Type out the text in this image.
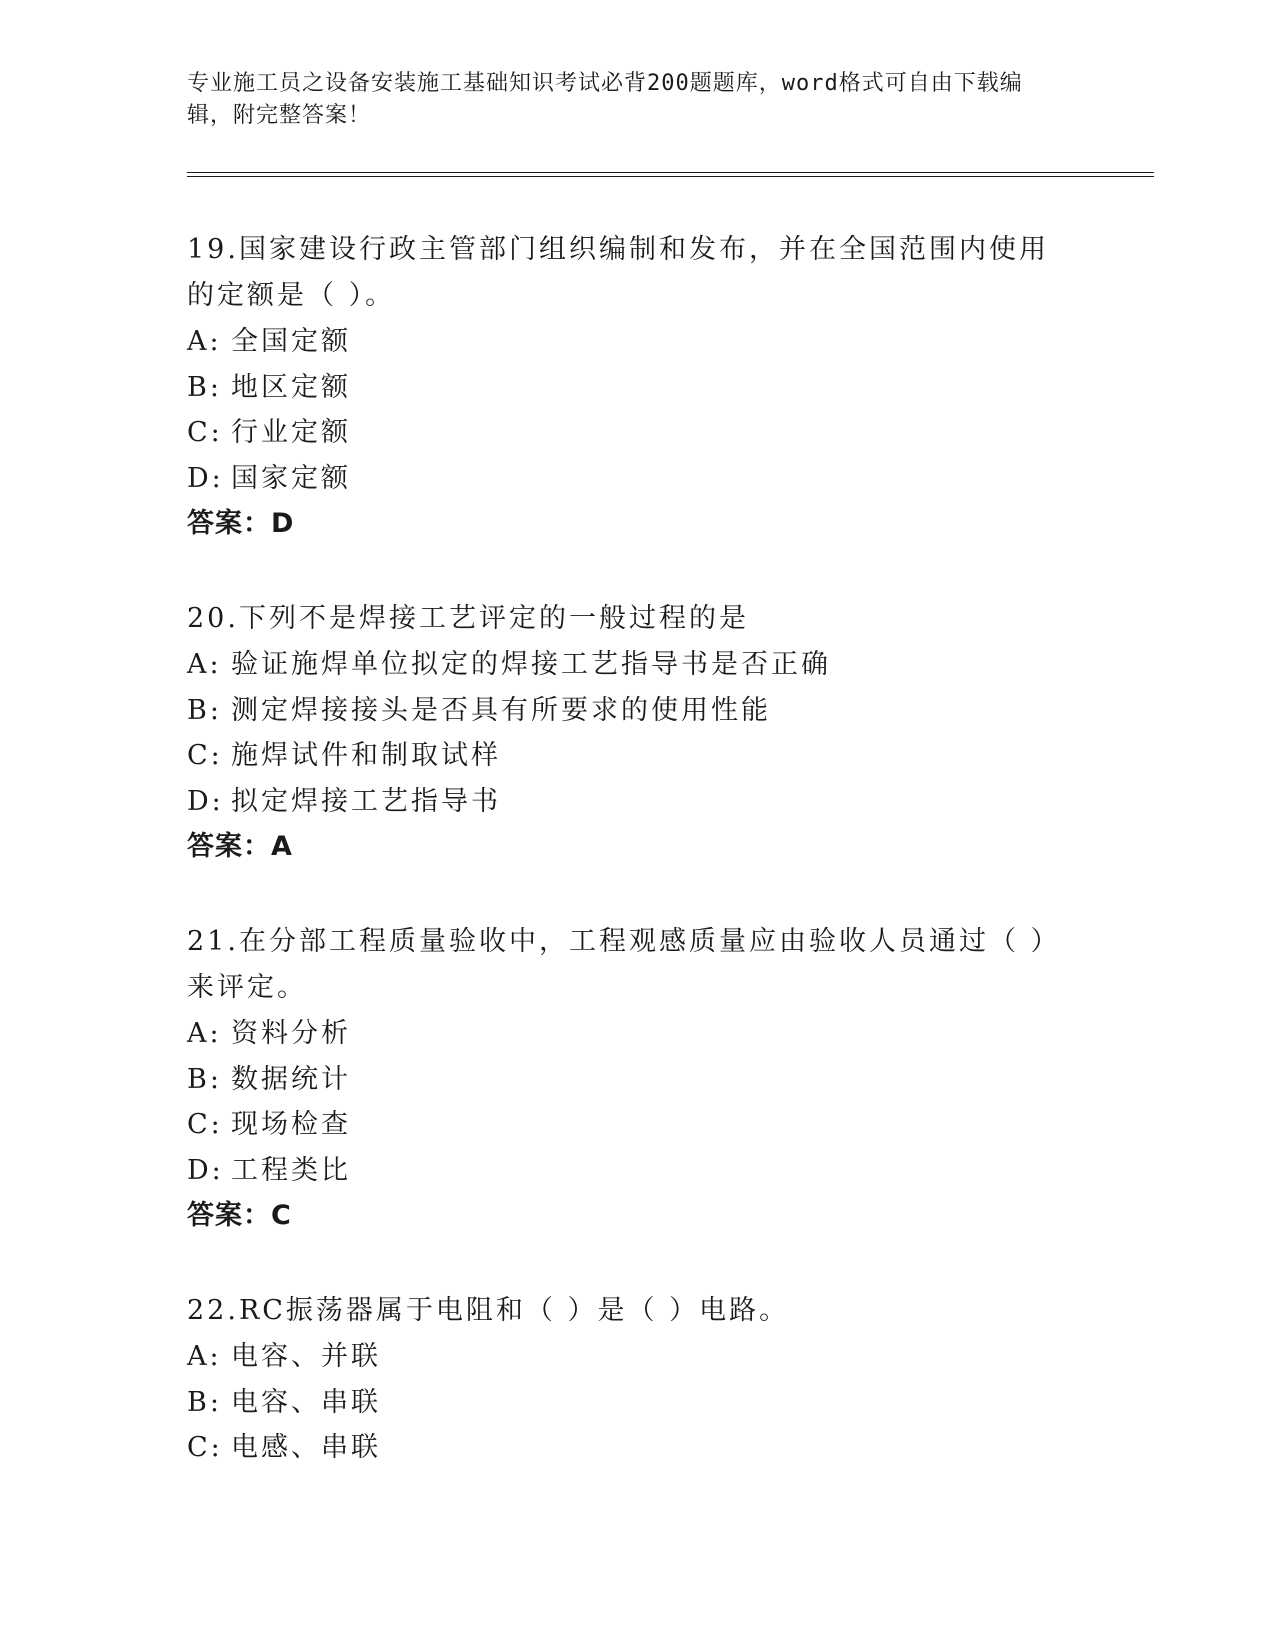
专业施工员之设备安装施工基础知识考试必背200题题库，word格式可自由下载编辑，附完整答案！
19.国家建设行政主管部门组织编制和发布，并在全国范围内使用的定额是（ ）。
A: 全国定额
B: 地区定额
C: 行业定额
D: 国家定额
答案：D
20.下列不是焊接工艺评定的一般过程的是
A: 验证施焊单位拟定的焊接工艺指导书是否正确
B: 测定焊接接头是否具有所要求的使用性能
C: 施焊试件和制取试样
D: 拟定焊接工艺指导书
答案：A
21.在分部工程质量验收中，工程观感质量应由验收人员通过（ ）来评定。
A: 资料分析
B: 数据统计
C: 现场检查
D: 工程类比
答案：C
22.RC振荡器属于电阻和（ ）是（ ）电路。
A: 电容、并联
B: 电容、串联
C: 电感、串联
